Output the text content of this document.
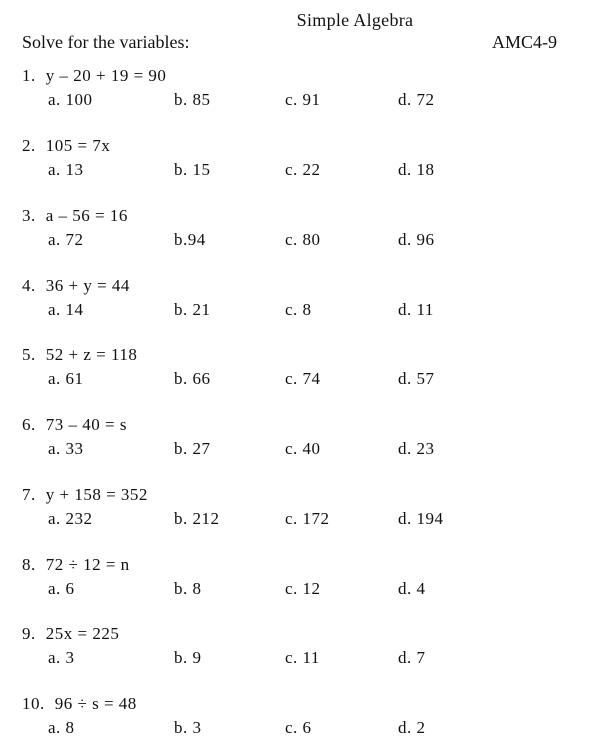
Simple Algebra
Solve for the variables:	AMC4-9
1. y – 20 + 19 = 90
a. 100	b. 85	c. 91	d. 72
2. 105 = 7x
a. 13	b. 15	c. 22	d. 18
3. a – 56 = 16
a. 72	b.94	c. 80	d. 96
4. 36 + y = 44
a. 14	b. 21	c. 8	d. 11
5. 52 + z = 118
a. 61	b. 66	c. 74	d. 57
6. 73 – 40 = s
a. 33	b. 27	c. 40	d. 23
7. y + 158 = 352
a. 232	b. 212	c. 172	d. 194
8. 72 ÷ 12 = n
a. 6	b. 8	c. 12	d. 4
9. 25x = 225
a. 3	b. 9	c. 11	d. 7
10. 96 ÷ s = 48
a. 8	b. 3	c. 6	d. 2
